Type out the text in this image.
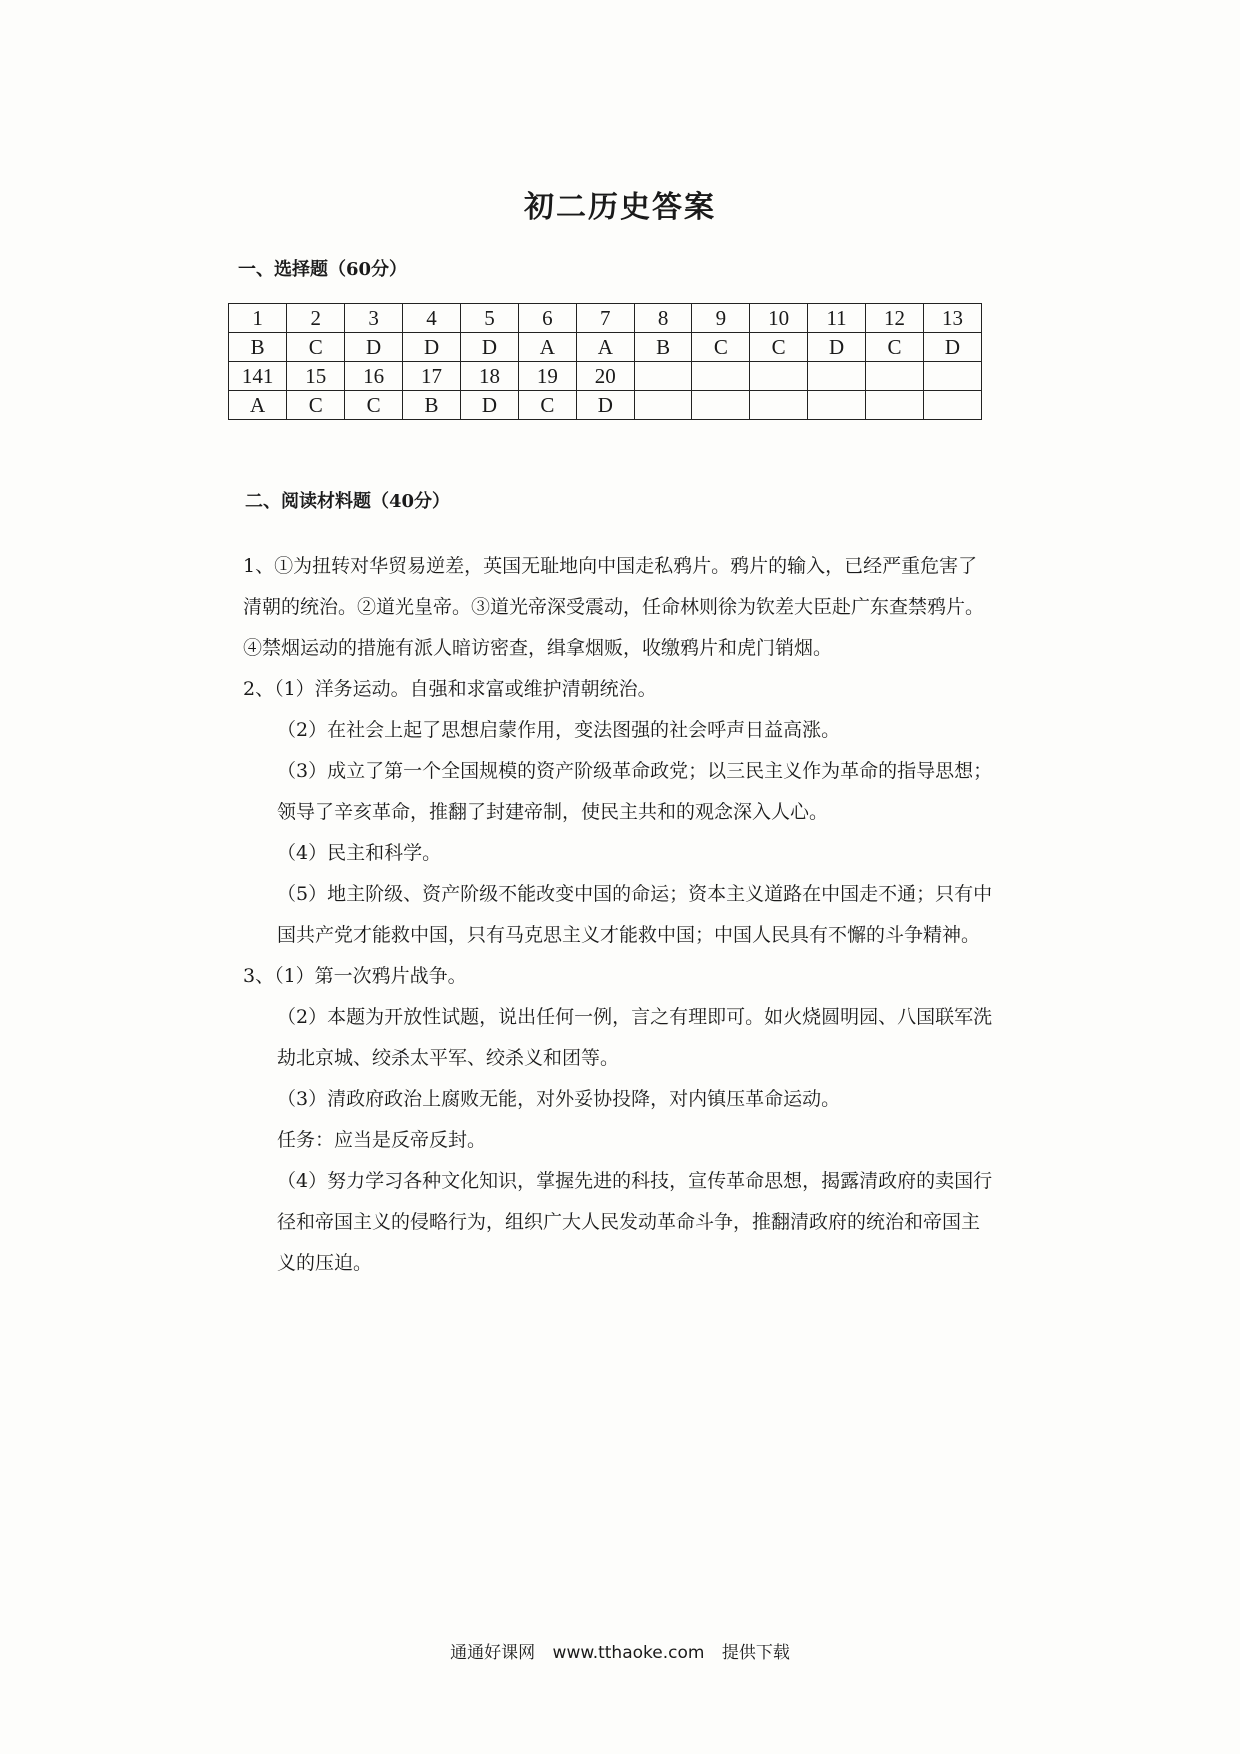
初二历史答案
一、选择题（60分）
1	2	3	4	5	6	7	8	9	10	11	12	13
B	C	D	D	D	A	A	B	C	C	D	C	D
141	15	16	17	18	19	20						
A	C	C	B	D	C	D						
二、阅读材料题（40分）

1、①为扭转对华贸易逆差，英国无耻地向中国走私鸦片。鸦片的输入，已经严重危害了清朝的统治。②道光皇帝。③道光帝深受震动，任命林则徐为钦差大臣赴广东查禁鸦片。④禁烟运动的措施有派人暗访密查，缉拿烟贩，收缴鸦片和虎门销烟。

2、（1）洋务运动。自强和求富或维护清朝统治。

（2）在社会上起了思想启蒙作用，变法图强的社会呼声日益高涨。

（3）成立了第一个全国规模的资产阶级革命政党；以三民主义作为革命的指导思想；领导了辛亥革命，推翻了封建帝制，使民主共和的观念深入人心。

（4）民主和科学。

（5）地主阶级、资产阶级不能改变中国的命运；资本主义道路在中国走不通；只有中国共产党才能救中国，只有马克思主义才能救中国；中国人民具有不懈的斗争精神。

3、（1）第一次鸦片战争。

（2）本题为开放性试题，说出任何一例，言之有理即可。如火烧圆明园、八国联军洗劫北京城、绞杀太平军、绞杀义和团等。

（3）清政府政治上腐败无能，对外妥协投降，对内镇压革命运动。

任务：应当是反帝反封。

（4）努力学习各种文化知识，掌握先进的科技，宣传革命思想，揭露清政府的卖国行径和帝国主义的侵略行为，组织广大人民发动革命斗争，推翻清政府的统治和帝国主义的压迫。

通通好课网 www.tthaoke.com 提供下载
